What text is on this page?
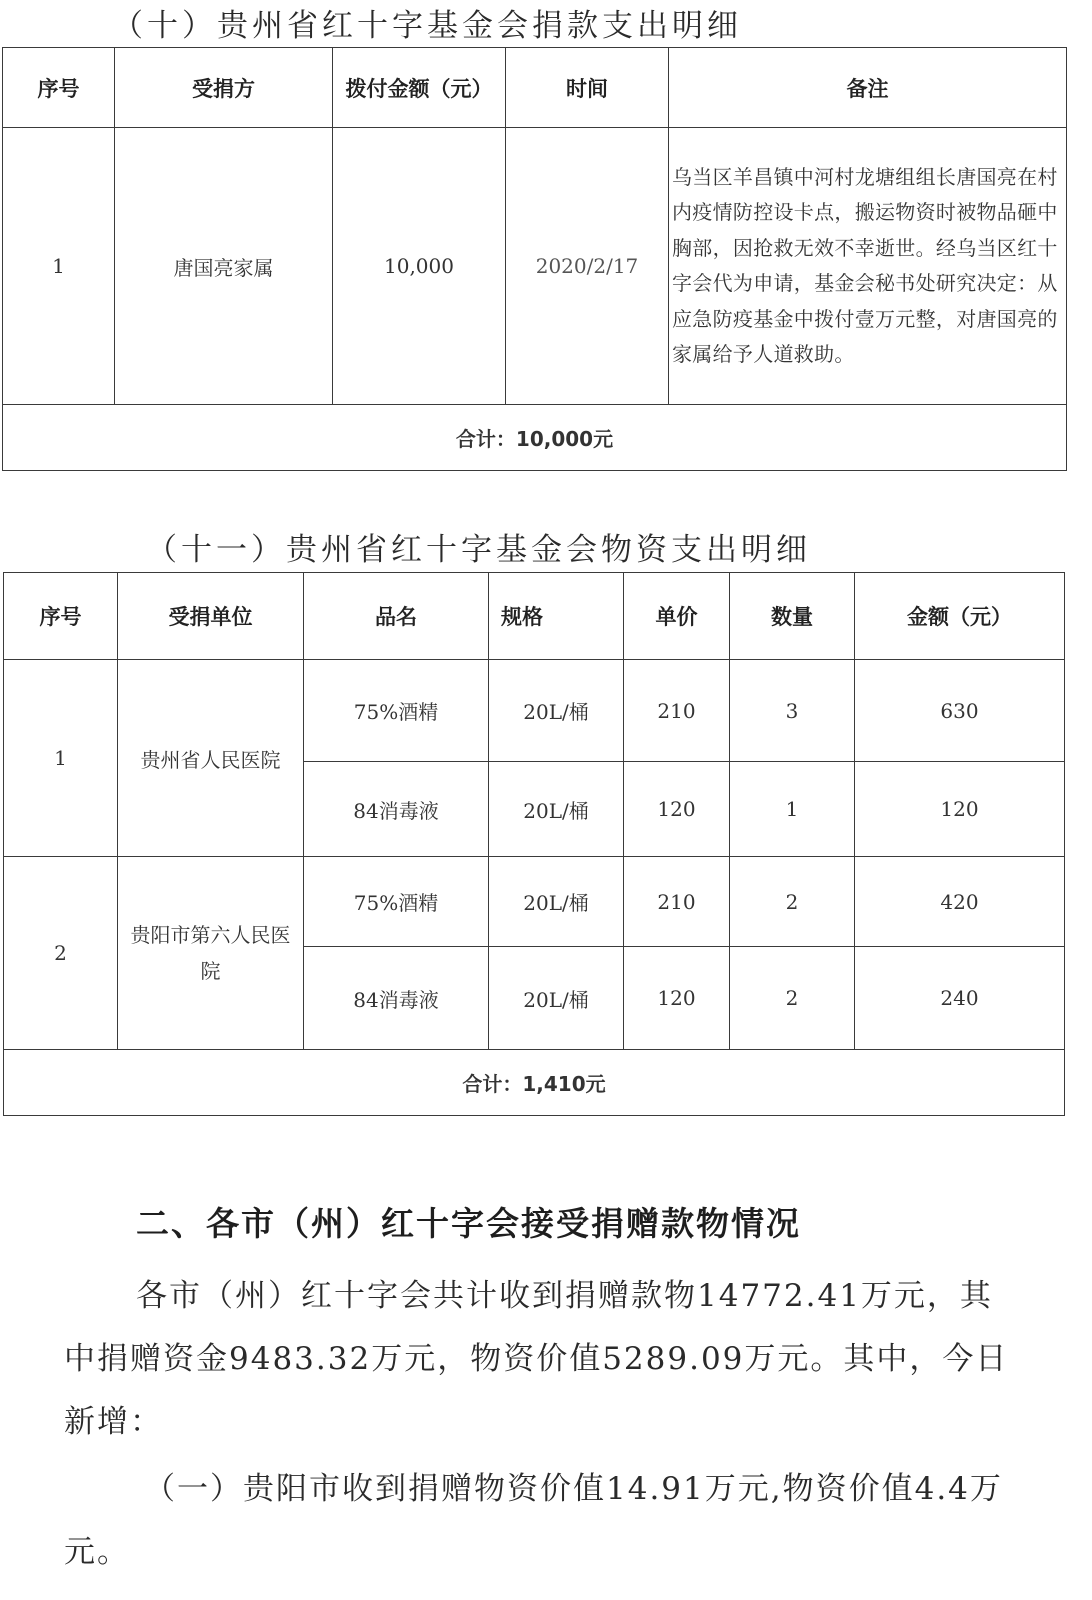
（十）贵州省红十字基金会捐款支出明细
序号	受捐方	拨付金额（元）	时间	备注
1	唐国亮家属	10,000	2020/2/17	乌当区羊昌镇中河村龙塘组组长唐国亮在村内疫情防控设卡点，搬运物资时被物品砸中胸部，因抢救无效不幸逝世。经乌当区红十字会代为申请，基金会秘书处研究决定：从应急防疫基金中拨付壹万元整，对唐国亮的家属给予人道救助。
合计：10,000元				
（十一）贵州省红十字基金会物资支出明细
序号	受捐单位	品名	规格	单价	数量	金额（元）
1	贵州省人民医院	75%酒精	20L/桶	210	3	630
		84消毒液	20L/桶	120	1	120
2	贵阳市第六人民医院	75%酒精	20L/桶	210	2	420
		84消毒液	20L/桶	120	2	240
合计：1,410元						
二、各市（州）红十字会接受捐赠款物情况
各市（州）红十字会共计收到捐赠款物14772.41万元，其中捐赠资金9483.32万元，物资价值5289.09万元。其中，今日新增：
（一）贵阳市收到捐赠物资价值14.91万元,物资价值4.4万元。
